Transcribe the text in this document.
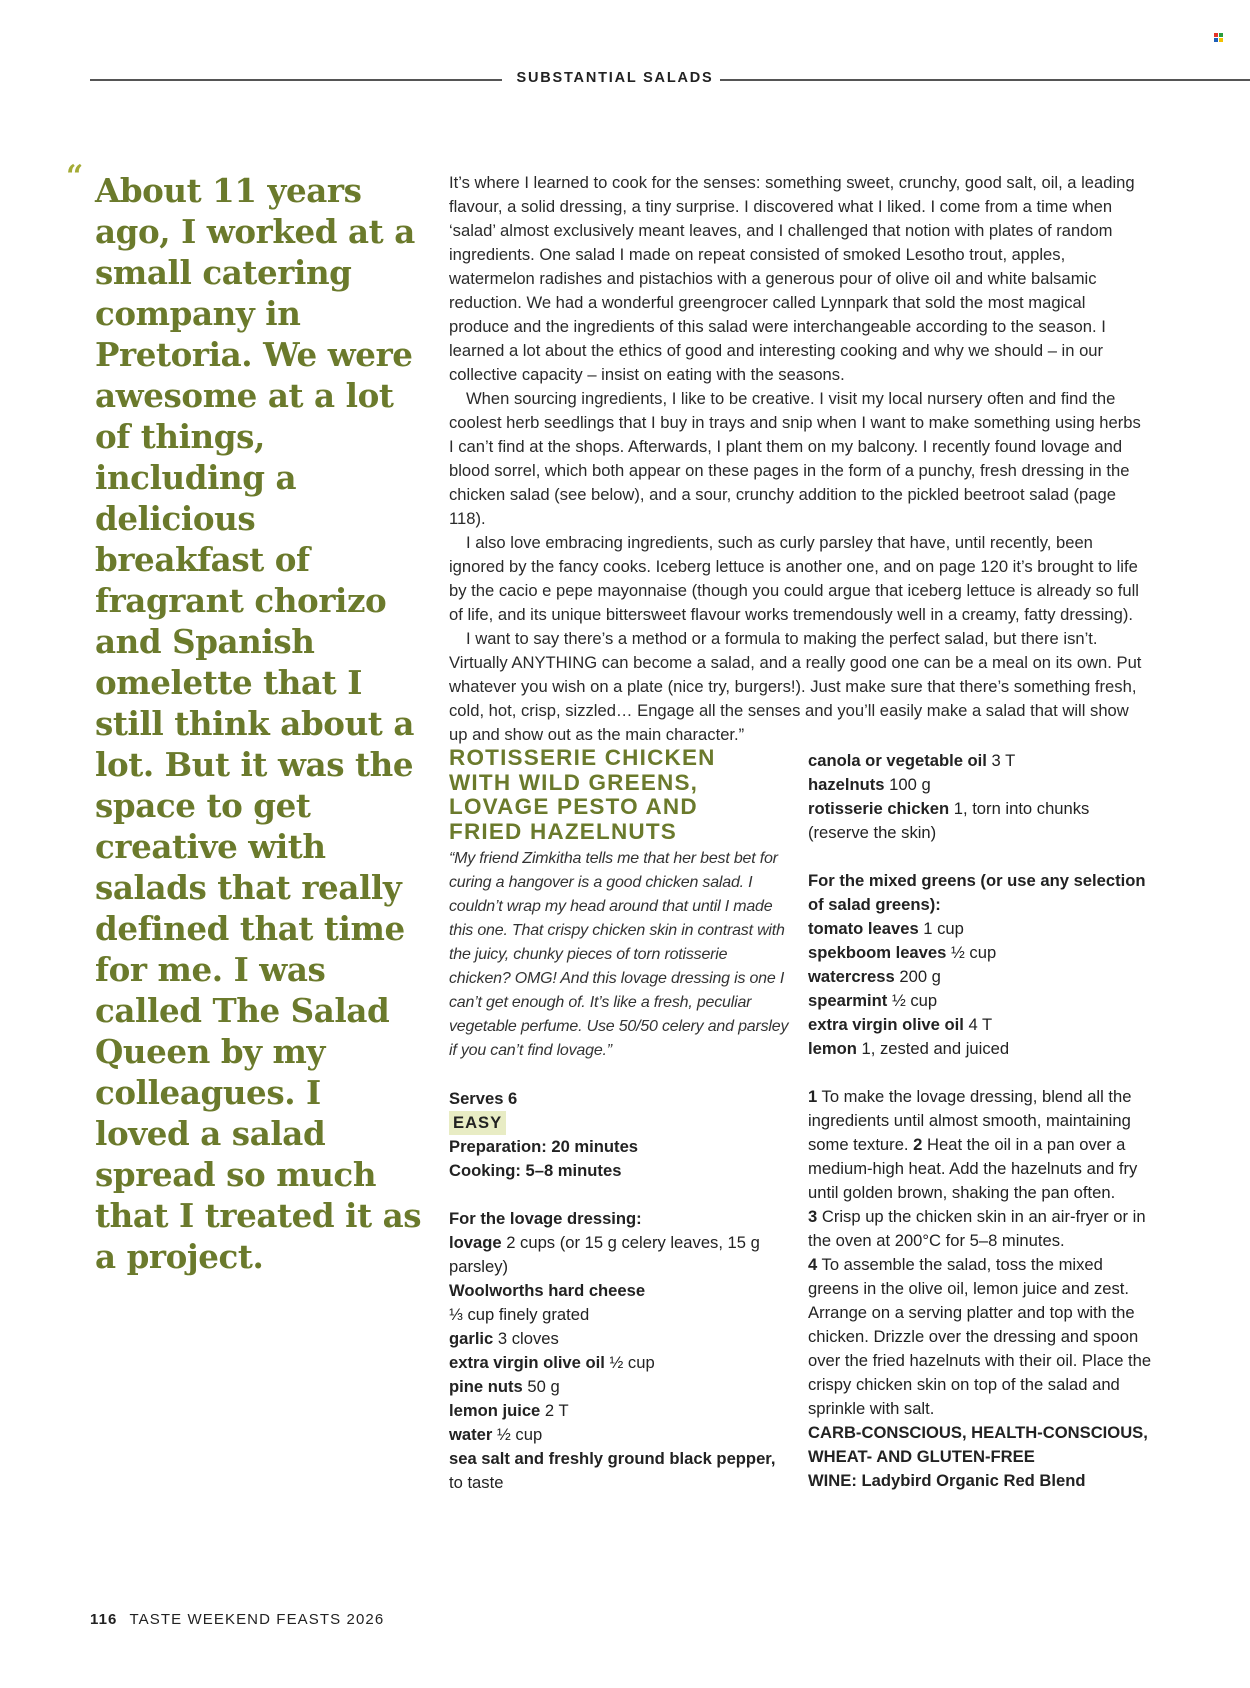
SUBSTANTIAL SALADS
“ About 11 years ago, I worked at a small catering company in Pretoria. We were awesome at a lot of things, including a delicious breakfast of fragrant chorizo and Spanish omelette that I still think about a lot. But it was the space to get creative with salads that really defined that time for me. I was called The Salad Queen by my colleagues. I loved a salad spread so much that I treated it as a project.

It’s where I learned to cook for the senses: something sweet, crunchy, good salt, oil, a leading flavour, a solid dressing, a tiny surprise. I discovered what I liked. I come from a time when ‘salad’ almost exclusively meant leaves, and I challenged that notion with plates of random ingredients. One salad I made on repeat consisted of smoked Lesotho trout, apples, watermelon radishes and pistachios with a generous pour of olive oil and white balsamic reduction. We had a wonderful greengrocer called Lynnpark that sold the most magical produce and the ingredients of this salad were interchangeable according to the season. I learned a lot about the ethics of good and interesting cooking and why we should – in our collective capacity – insist on eating with the seasons.

When sourcing ingredients, I like to be creative. I visit my local nursery often and find the coolest herb seedlings that I buy in trays and snip when I want to make something using herbs I can’t find at the shops. Afterwards, I plant them on my balcony. I recently found lovage and blood sorrel, which both appear on these pages in the form of a punchy, fresh dressing in the chicken salad (see below), and a sour, crunchy addition to the pickled beetroot salad (page 118).

I also love embracing ingredients, such as curly parsley that have, until recently, been ignored by the fancy cooks. Iceberg lettuce is another one, and on page 120 it’s brought to life by the cacio e pepe mayonnaise (though you could argue that iceberg lettuce is already so full of life, and its unique bittersweet flavour works tremendously well in a creamy, fatty dressing).

I want to say there’s a method or a formula to making the perfect salad, but there isn’t. Virtually ANYTHING can become a salad, and a really good one can be a meal on its own. Put whatever you wish on a plate (nice try, burgers!). Just make sure that there’s something fresh, cold, hot, crisp, sizzled… Engage all the senses and you’ll easily make a salad that will show up and show out as the main character.”

ROTISSERIE CHICKEN
WITH WILD GREENS,
LOVAGE PESTO AND
FRIED HAZELNUTS

“My friend Zimkitha tells me that her best bet for curing a hangover is a good chicken salad. I couldn’t wrap my head around that until I made this one. That crispy chicken skin in contrast with the juicy, chunky pieces of torn rotisserie chicken? OMG! And this lovage dressing is one I can’t get enough of. It’s like a fresh, peculiar vegetable perfume. Use 50/50 celery and parsley if you can’t find lovage.”

Serves 6
EASY
Preparation: 20 minutes
Cooking: 5–8 minutes
For the lovage dressing:
lovage 2 cups (or 15 g celery leaves, 15 g parsley)
Woolworths hard cheese
⅓ cup finely grated
garlic 3 cloves
extra virgin olive oil ½ cup
pine nuts 50 g
lemon juice 2 T
water ½ cup
sea salt and freshly ground black pepper,
to taste
canola or vegetable oil 3 T
hazelnuts 100 g
rotisserie chicken 1, torn into chunks (reserve the skin)
For the mixed greens (or use any selection of salad greens):
tomato leaves 1 cup
spekboom leaves ½ cup
watercress 200 g
spearmint ½ cup
extra virgin olive oil 4 T
lemon 1, zested and juiced

1 To make the lovage dressing, blend all the ingredients until almost smooth, maintaining some texture. 2 Heat the oil in a pan over a medium-high heat. Add the hazelnuts and fry until golden brown, shaking the pan often.

3 Crisp up the chicken skin in an air-fryer or in the oven at 200°C for 5–8 minutes.

4 To assemble the salad, toss the mixed greens in the olive oil, lemon juice and zest. Arrange on a serving platter and top with the chicken. Drizzle over the dressing and spoon over the fried hazelnuts with their oil. Place the crispy chicken skin on top of the salad and sprinkle with salt.

CARB-CONSCIOUS, HEALTH-CONSCIOUS, WHEAT- AND GLUTEN-FREE
WINE: Ladybird Organic Red Blend
116 TASTE WEEKEND FEASTS 2026
